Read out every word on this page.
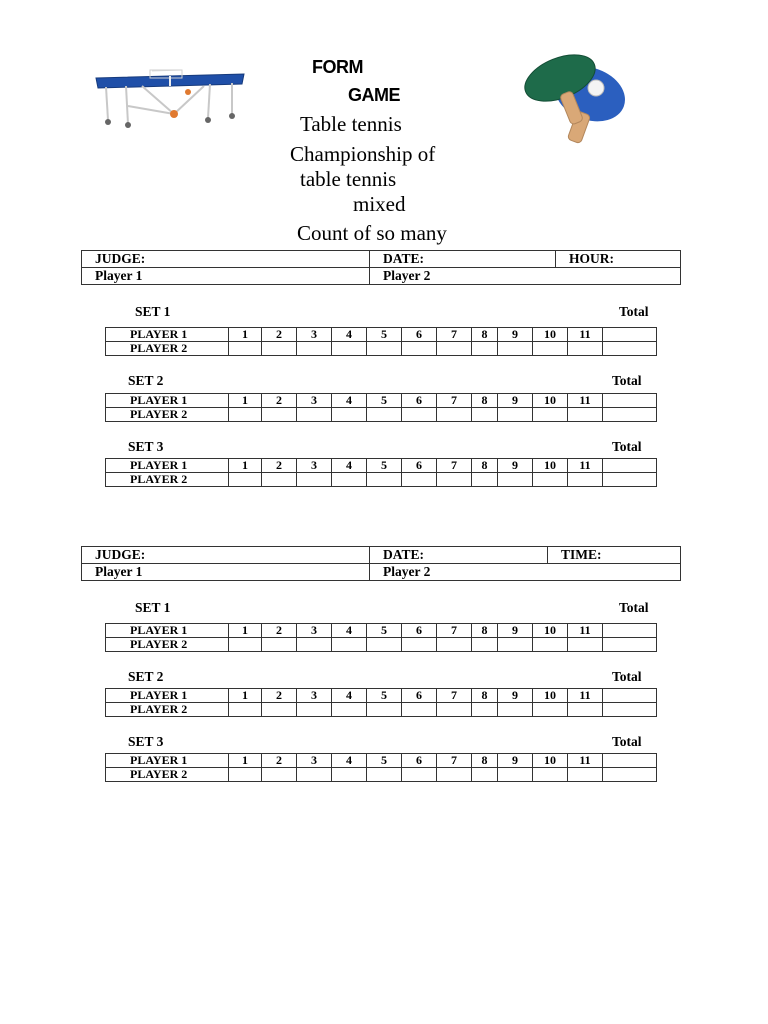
FORM
GAME
Table tennis
Championship of
table tennis
mixed
Count of so many
JUDGE:	DATE:	HOUR:
Player 1	Player 2	
SET 1	Total
PLAYER 1	1	2	3	4	5	6	7	8	9	10	11	
PLAYER 2												
SET 2	Total
PLAYER 1	1	2	3	4	5	6	7	8	9	10	11	
PLAYER 2												
SET 3	Total
PLAYER 1	1	2	3	4	5	6	7	8	9	10	11	
PLAYER 2												
JUDGE:	DATE:	TIME:
Player 1	Player 2	
SET 1	Total
PLAYER 1	1	2	3	4	5	6	7	8	9	10	11	
PLAYER 2												
SET 2	Total
PLAYER 1	1	2	3	4	5	6	7	8	9	10	11	
PLAYER 2												
SET 3	Total
PLAYER 1	1	2	3	4	5	6	7	8	9	10	11	
PLAYER 2												
